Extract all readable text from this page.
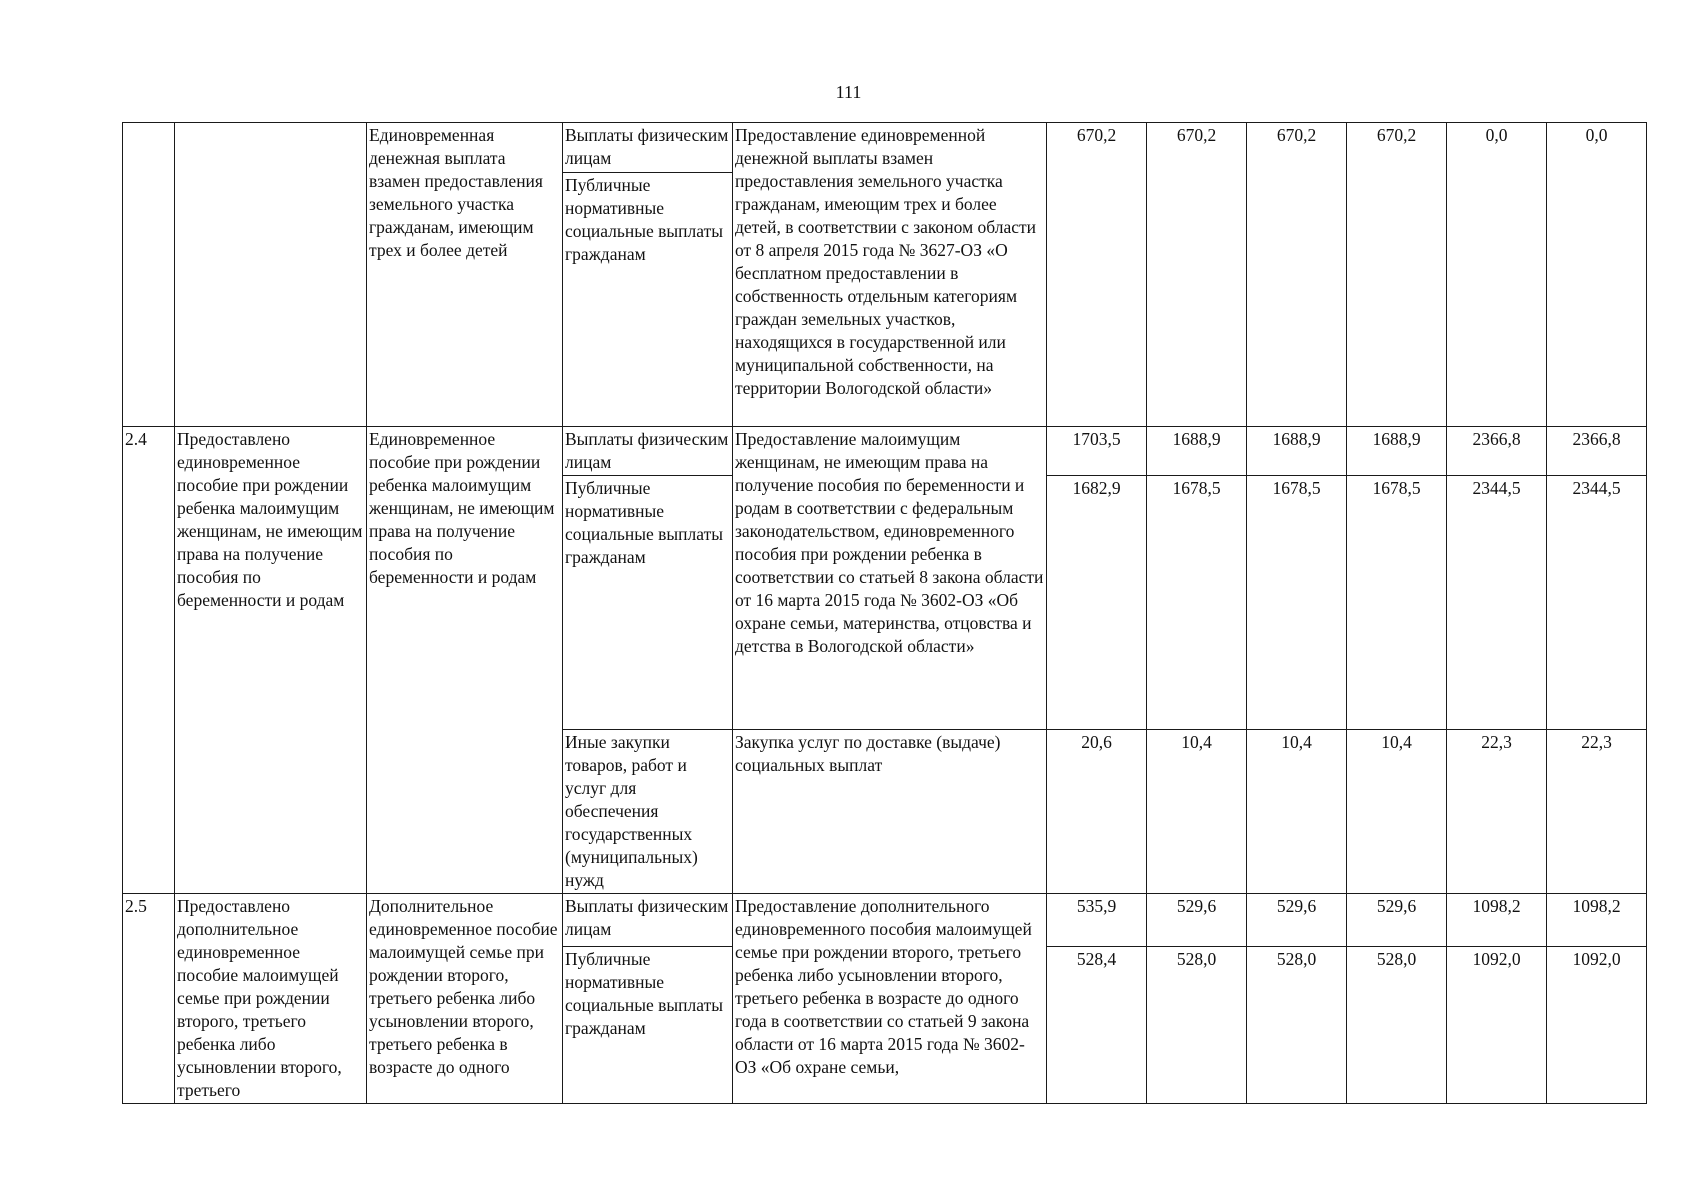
111
		Единовременная денежная выплата взамен предоставления земельного участка гражданам, имеющим трех и более детей	Выплаты физическим лицам	Предоставление единовременной денежной выплаты взамен предоставления земельного участка гражданам, имеющим трех и более детей, в соответствии с законом области от 8 апреля 2015 года № 3627-ОЗ «О бесплатном предоставлении в собственность отдельным категориям граждан земельных участков, находящихся в государственной или муниципальной собственности, на территории Вологодской области»	670,2	670,2	670,2	670,2	0,0	0,0
			Публичные нормативные социальные выплаты гражданам							
2.4	Предоставлено единовременное пособие при рождении ребенка малоимущим женщинам, не имеющим права на получение пособия по беременности и родам	Единовременное пособие при рождении ребенка малоимущим женщинам, не имеющим права на получение пособия по беременности и родам	Выплаты физическим лицам	Предоставление малоимущим женщинам, не имеющим права на получение пособия по беременности и родам в соответствии с федеральным законодательством, единовременного пособия при рождении ребенка в соответствии со статьей 8 закона области от 16 марта 2015 года № 3602-ОЗ «Об охране семьи, материнства, отцовства и детства в Вологодской области»	1703,5	1688,9	1688,9	1688,9	2366,8	2366,8
			Публичные нормативные социальные выплаты гражданам		1682,9	1678,5	1678,5	1678,5	2344,5	2344,5
			Иные закупки товаров, работ и услуг для обеспечения государственных (муниципальных) нужд	Закупка услуг по доставке (выдаче) социальных выплат	20,6	10,4	10,4	10,4	22,3	22,3
2.5	Предоставлено дополнительное единовременное пособие малоимущей семье при рождении второго, третьего ребенка либо усыновлении второго, третьего	Дополнительное единовременное пособие малоимущей семье при рождении второго, третьего ребенка либо усыновлении второго, третьего ребенка в возрасте до одного	Выплаты физическим лицам	Предоставление дополнительного единовременного пособия малоимущей семье при рождении второго, третьего ребенка либо усыновлении второго, третьего ребенка в возрасте до одного года в соответствии со статьей 9 закона области от 16 марта 2015 года № 3602-ОЗ «Об охране семьи,	535,9	529,6	529,6	529,6	1098,2	1098,2
			Публичные нормативные социальные выплаты гражданам		528,4	528,0	528,0	528,0	1092,0	1092,0
